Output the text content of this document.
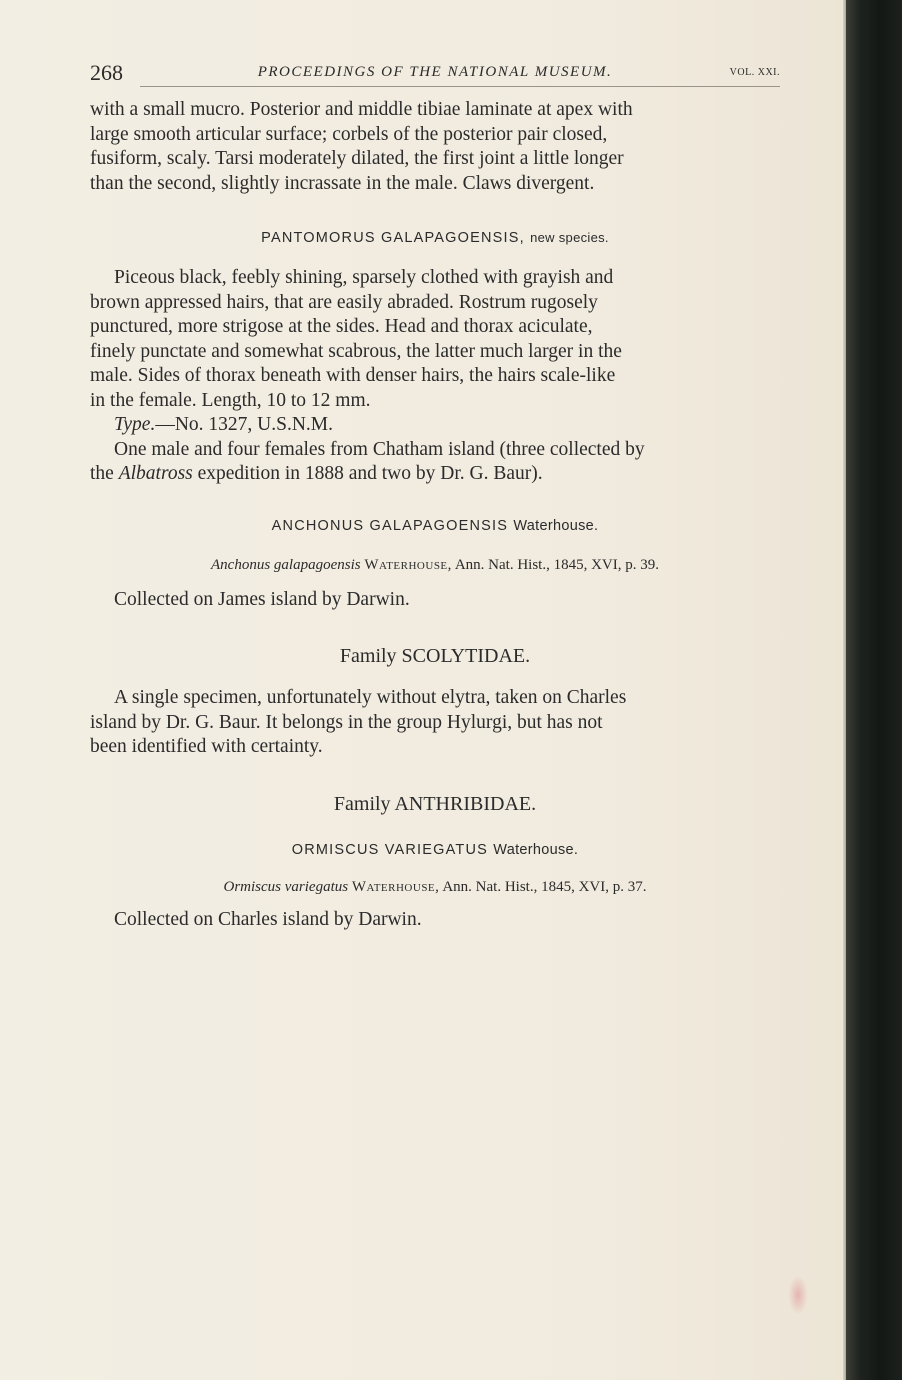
268	PROCEEDINGS OF THE NATIONAL MUSEUM.	VOL. XXI.
with a small mucro. Posterior and middle tibiae laminate at apex with
large smooth articular surface; corbels of the posterior pair closed,
fusiform, scaly. Tarsi moderately dilated, the first joint a little longer
than the second, slightly incrassate in the male. Claws divergent.
PANTOMORUS GALAPAGOENSIS, new species.
Piceous black, feebly shining, sparsely clothed with grayish and
brown appressed hairs, that are easily abraded. Rostrum rugosely
punctured, more strigose at the sides. Head and thorax aciculate,
finely punctate and somewhat scabrous, the latter much larger in the
male. Sides of thorax beneath with denser hairs, the hairs scale-like
in the female. Length, 10 to 12 mm.
Type.—No. 1327, U.S.N.M.
One male and four females from Chatham island (three collected by
the Albatross expedition in 1888 and two by Dr. G. Baur).
ANCHONUS GALAPAGOENSIS Waterhouse.
Anchonus galapagoensis Waterhouse, Ann. Nat. Hist., 1845, XVI, p. 39.
Collected on James island by Darwin.
Family SCOLYTIDAE.
A single specimen, unfortunately without elytra, taken on Charles
island by Dr. G. Baur. It belongs in the group Hylurgi, but has not
been identified with certainty.
Family ANTHRIBIDAE.
ORMISCUS VARIEGATUS Waterhouse.
Ormiscus variegatus Waterhouse, Ann. Nat. Hist., 1845, XVI, p. 37.
Collected on Charles island by Darwin.
